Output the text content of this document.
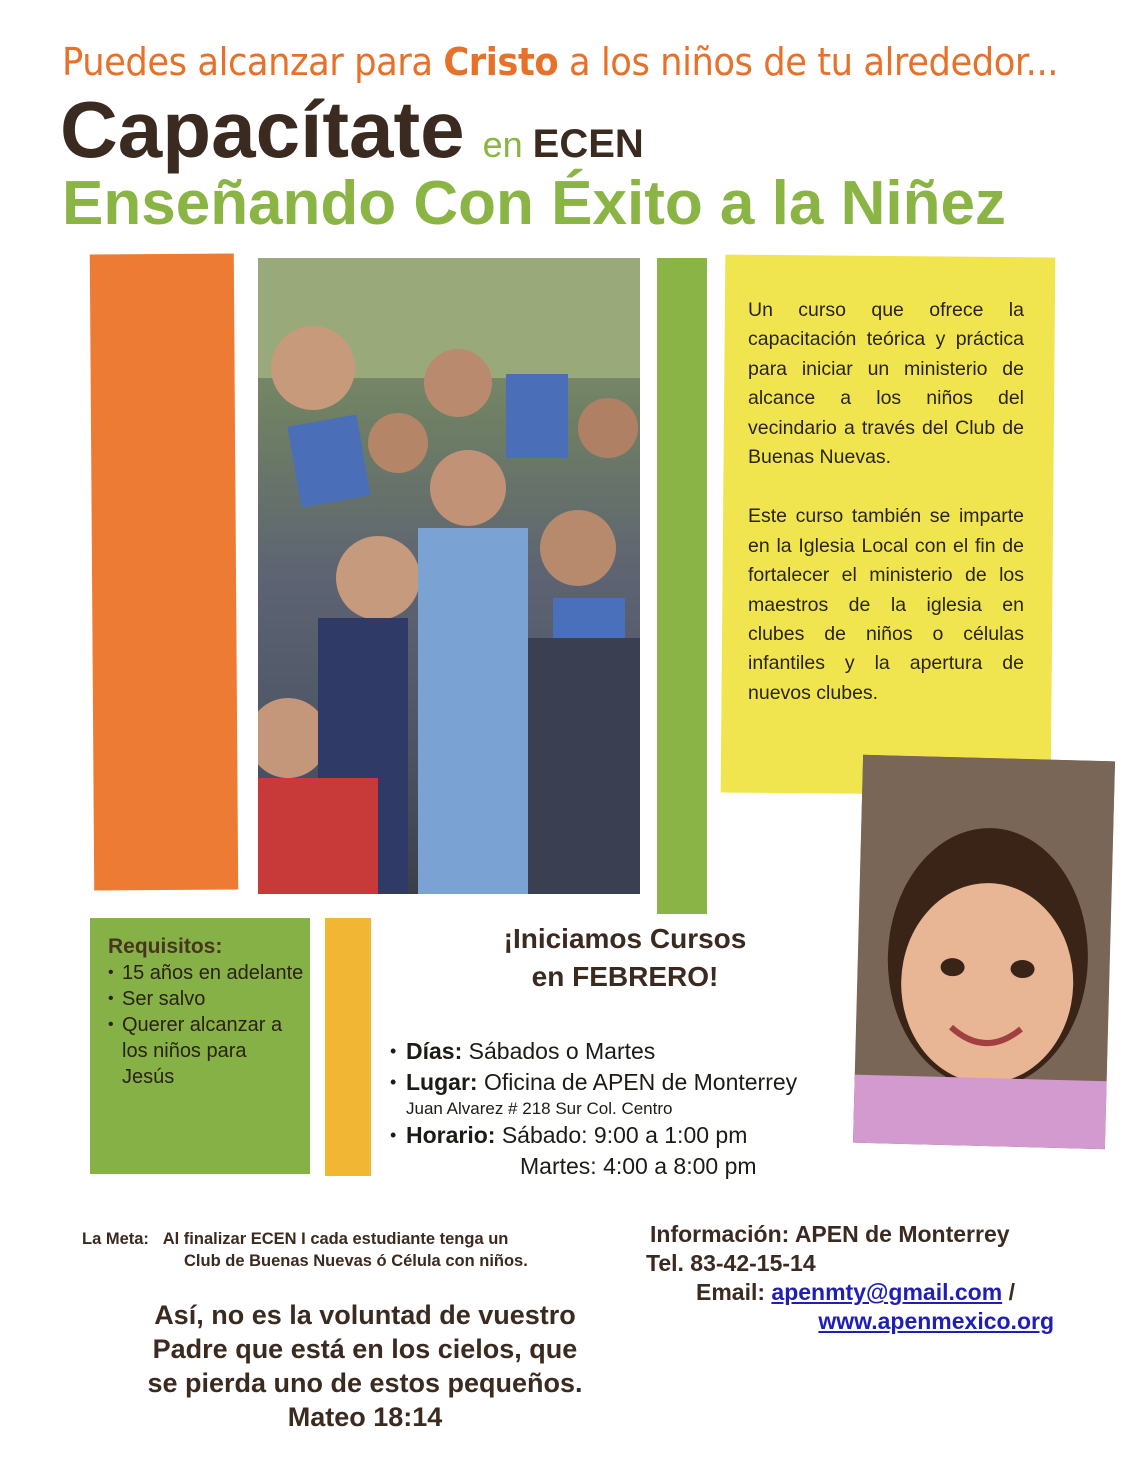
Puedes alcanzar para Cristo a los niños de tu alrededor...
Capacítate en ECEN
Enseñando Con Éxito a la Niñez

Un curso que ofrece la capacitación teórica y práctica para iniciar un ministerio de alcance a los niños del vecindario a través del Club de Buenas Nuevas.

Este curso también se imparte en la Iglesia Local con el fin de fortalecer el ministerio de los maestros de la iglesia en clubes de niños o células infantiles y la apertura de nuevos clubes.

Requisitos:
• 15 años en adelante
• Ser salvo
• Querer alcanzar a los niños para Jesús
¡Iniciamos Cursos
en FEBRERO!
• Días: Sábados o Martes
• Lugar: Oficina de APEN de Monterrey
Juan Alvarez # 218 Sur Col. Centro
• Horario: Sábado: 9:00 a 1:00 pm
Martes: 4:00 a 8:00 pm
La Meta: Al finalizar ECEN I cada estudiante tenga un
Club de Buenas Nuevas ó Célula con niños.
Así, no es la voluntad de vuestro
Padre que está en los cielos, que
se pierda uno de estos pequeños.
Mateo 18:14
Información: APEN de Monterrey
Tel. 83-42-15-14
Email: apenmty@gmail.com /
www.apenmexico.org
